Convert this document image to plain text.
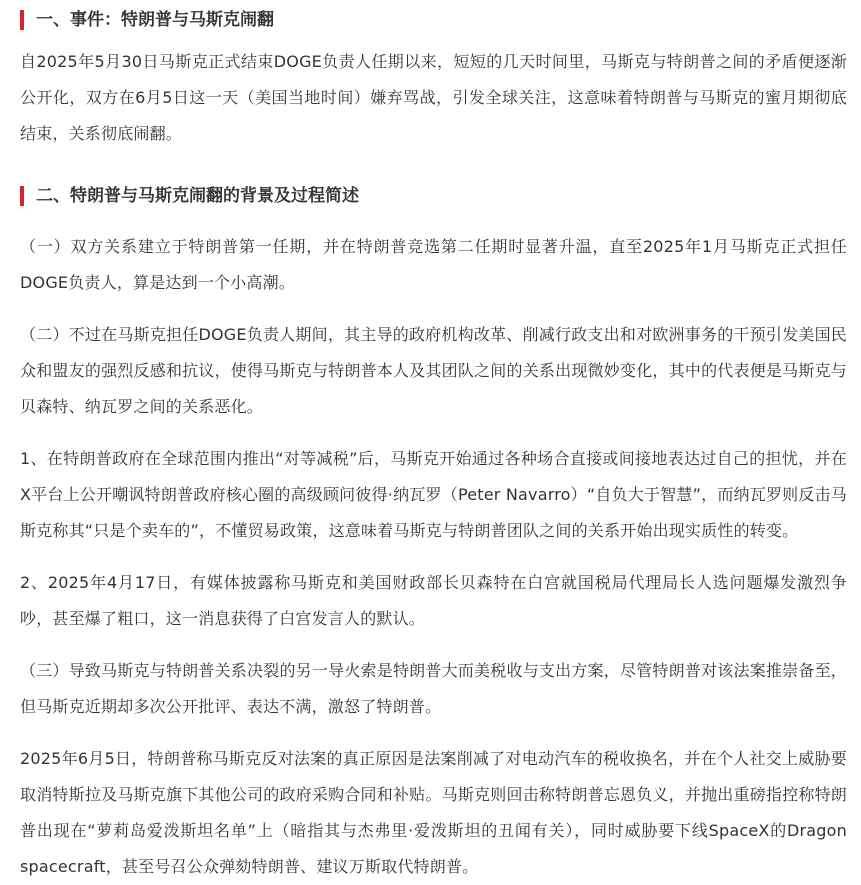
一、事件：特朗普与马斯克闹翻

自2025年5月30日马斯克正式结束DOGE负责人任期以来，短短的几天时间里，马斯克与特朗普之间的矛盾便逐渐公开化，双方在6月5日这一天（美国当地时间）嫌弃骂战，引发全球关注，这意味着特朗普与马斯克的蜜月期彻底结束，关系彻底闹翻。

二、特朗普与马斯克闹翻的背景及过程简述

（一）双方关系建立于特朗普第一任期，并在特朗普竞选第二任期时显著升温，直至2025年1月马斯克正式担任DOGE负责人，算是达到一个小高潮。

（二）不过在马斯克担任DOGE负责人期间，其主导的政府机构改革、削减行政支出和对欧洲事务的干预引发美国民众和盟友的强烈反感和抗议，使得马斯克与特朗普本人及其团队之间的关系出现微妙变化，其中的代表便是马斯克与贝森特、纳瓦罗之间的关系恶化。

1、在特朗普政府在全球范围内推出“对等减税”后，马斯克开始通过各种场合直接或间接地表达过自己的担忧，并在X平台上公开嘲讽特朗普政府核心圈的高级顾问彼得·纳瓦罗（Peter Navarro）“自负大于智慧”，而纳瓦罗则反击马斯克称其“只是个卖车的”，不懂贸易政策，这意味着马斯克与特朗普团队之间的关系开始出现实质性的转变。

2、2025年4月17日，有媒体披露称马斯克和美国财政部长贝森特在白宫就国税局代理局长人选问题爆发激烈争吵，甚至爆了粗口，这一消息获得了白宫发言人的默认。

（三）导致马斯克与特朗普关系决裂的另一导火索是特朗普大而美税收与支出方案，尽管特朗普对该法案推崇备至，但马斯克近期却多次公开批评、表达不满，激怒了特朗普。

2025年6月5日，特朗普称马斯克反对法案的真正原因是法案削减了对电动汽车的税收换名，并在个人社交上威胁要取消特斯拉及马斯克旗下其他公司的政府采购合同和补贴。马斯克则回击称特朗普忘恩负义，并抛出重磅指控称特朗普出现在“萝莉岛爱泼斯坦名单”上（暗指其与杰弗里·爱泼斯坦的丑闻有关），同时威胁要下线SpaceX的Dragon spacecraft，甚至号召公众弹劾特朗普、建议万斯取代特朗普。
